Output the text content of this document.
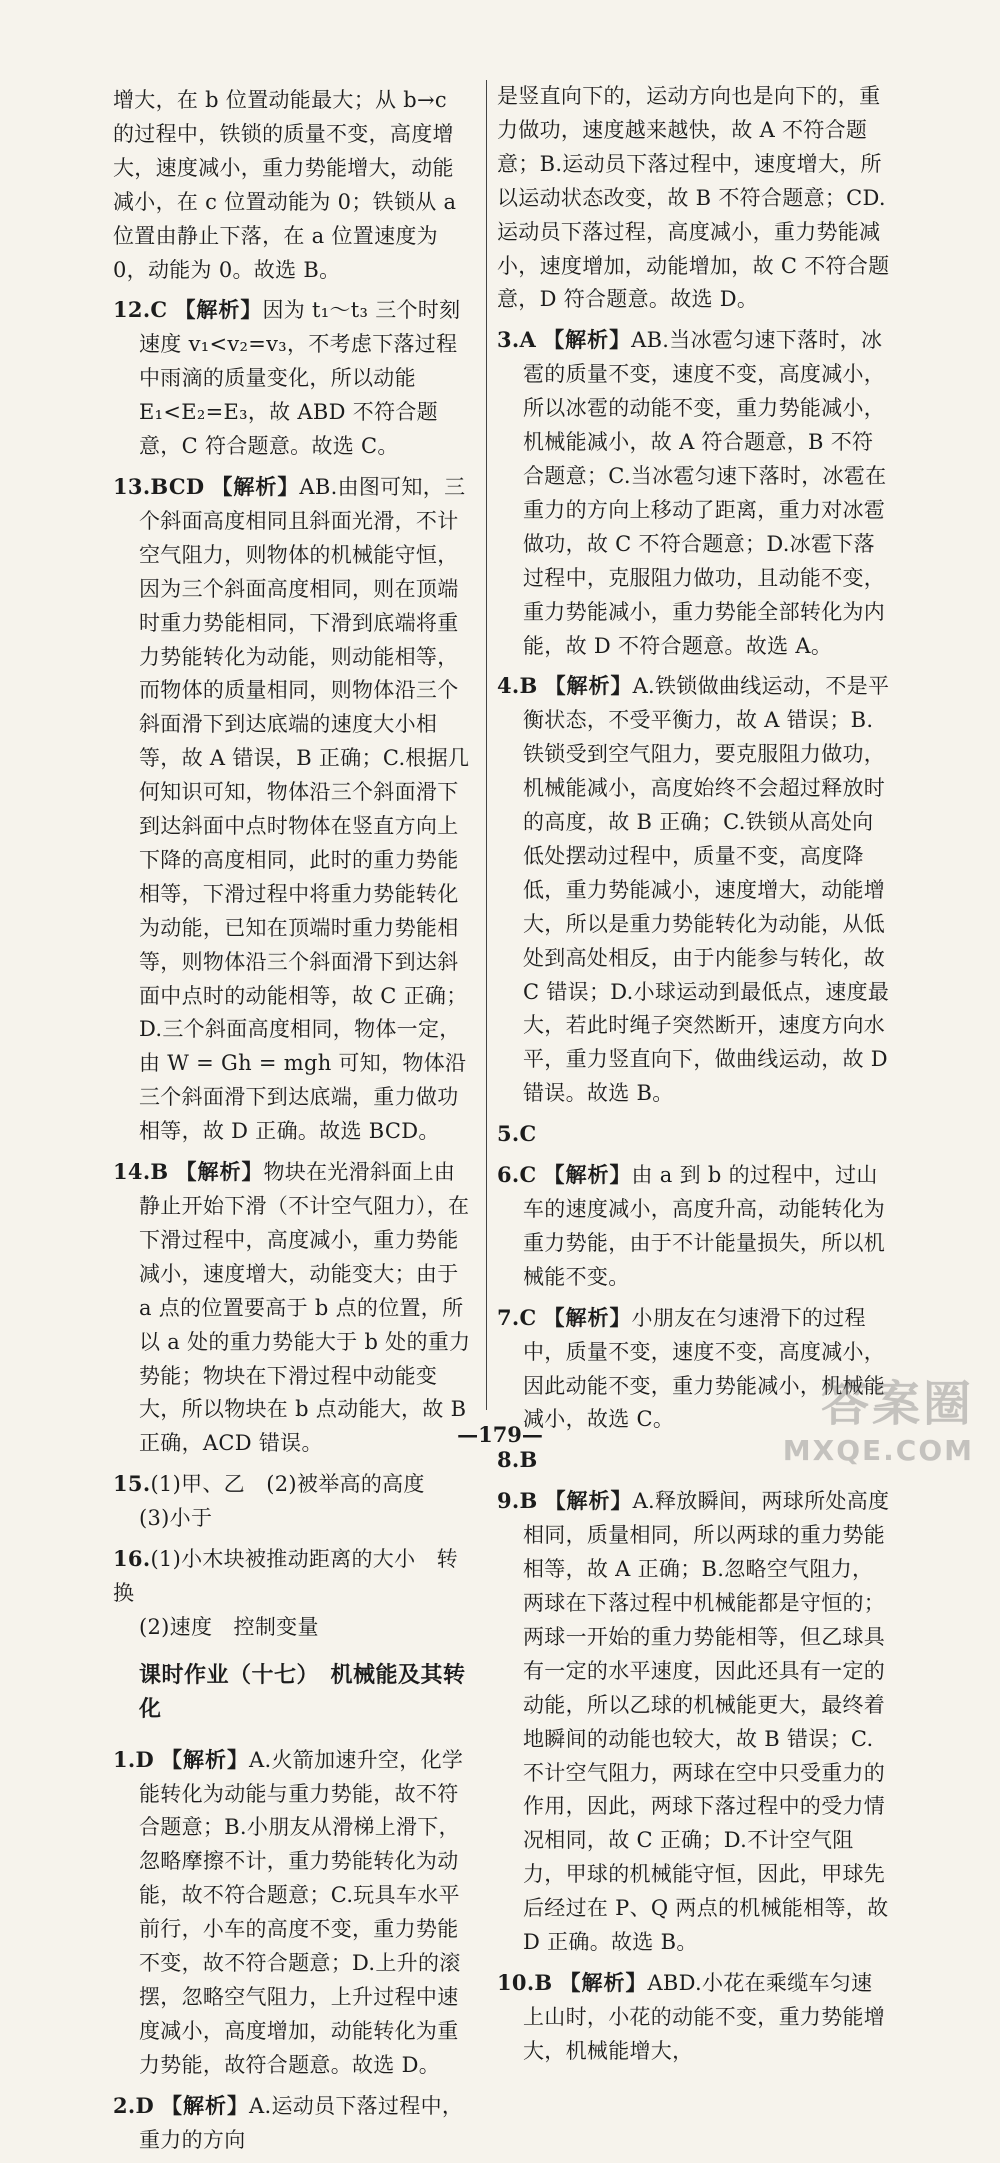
增大，在 b 位置动能最大；从 b→c 的过程中，铁锁的质量不变，高度增大，速度减小，重力势能增大，动能减小，在 c 位置动能为 0；铁锁从 a 位置由静止下落，在 a 位置速度为 0，动能为 0。故选 B。
12.C 【解析】因为 t₁～t₃ 三个时刻速度 v₁<v₂=v₃，不考虑下落过程中雨滴的质量变化，所以动能 E₁<E₂=E₃，故 ABD 不符合题意，C 符合题意。故选 C。
13.BCD 【解析】AB.由图可知，三个斜面高度相同且斜面光滑，不计空气阻力，则物体的机械能守恒，因为三个斜面高度相同，则在顶端时重力势能相同，下滑到底端将重力势能转化为动能，则动能相等，而物体的质量相同，则物体沿三个斜面滑下到达底端的速度大小相等，故 A 错误，B 正确；C.根据几何知识可知，物体沿三个斜面滑下到达斜面中点时物体在竖直方向上下降的高度相同，此时的重力势能相等，下滑过程中将重力势能转化为动能，已知在顶端时重力势能相等，则物体沿三个斜面滑下到达斜面中点时的动能相等，故 C 正确；D.三个斜面高度相同，物体一定，由 W = Gh = mgh 可知，物体沿三个斜面滑下到达底端，重力做功相等，故 D 正确。故选 BCD。
14.B 【解析】物块在光滑斜面上由静止开始下滑（不计空气阻力），在下滑过程中，高度减小，重力势能减小，速度增大，动能变大；由于 a 点的位置要高于 b 点的位置，所以 a 处的重力势能大于 b 处的重力势能；物块在下滑过程中动能变大，所以物块在 b 点动能大，故 B 正确，ACD 错误。
15.(1)甲、乙　(2)被举高的高度　(3)小于
16.(1)小木块被推动距离的大小　转换
(2)速度　控制变量
课时作业（十七）　机械能及其转化
1.D 【解析】A.火箭加速升空，化学能转化为动能与重力势能，故不符合题意；B.小朋友从滑梯上滑下，忽略摩擦不计，重力势能转化为动能，故不符合题意；C.玩具车水平前行，小车的高度不变，重力势能不变，故不符合题意；D.上升的滚摆，忽略空气阻力，上升过程中速度减小，高度增加，动能转化为重力势能，故符合题意。故选 D。
2.D 【解析】A.运动员下落过程中，重力的方向
是竖直向下的，运动方向也是向下的，重力做功，速度越来越快，故 A 不符合题意；B.运动员下落过程中，速度增大，所以运动状态改变，故 B 不符合题意；CD.运动员下落过程，高度减小，重力势能减小，速度增加，动能增加，故 C 不符合题意，D 符合题意。故选 D。
3.A 【解析】AB.当冰雹匀速下落时，冰雹的质量不变，速度不变，高度减小，所以冰雹的动能不变，重力势能减小，机械能减小，故 A 符合题意，B 不符合题意；C.当冰雹匀速下落时，冰雹在重力的方向上移动了距离，重力对冰雹做功，故 C 不符合题意；D.冰雹下落过程中，克服阻力做功，且动能不变，重力势能减小，重力势能全部转化为内能，故 D 不符合题意。故选 A。
4.B 【解析】A.铁锁做曲线运动，不是平衡状态，不受平衡力，故 A 错误；B.铁锁受到空气阻力，要克服阻力做功，机械能减小，高度始终不会超过释放时的高度，故 B 正确；C.铁锁从高处向低处摆动过程中，质量不变，高度降低，重力势能减小，速度增大，动能增大，所以是重力势能转化为动能，从低处到高处相反，由于内能参与转化，故 C 错误；D.小球运动到最低点，速度最大，若此时绳子突然断开，速度方向水平，重力竖直向下，做曲线运动，故 D 错误。故选 B。
5.C
6.C 【解析】由 a 到 b 的过程中，过山车的速度减小，高度升高，动能转化为重力势能，由于不计能量损失，所以机械能不变。
7.C 【解析】小朋友在匀速滑下的过程中，质量不变，速度不变，高度减小，因此动能不变，重力势能减小，机械能减小，故选 C。
8.B
9.B 【解析】A.释放瞬间，两球所处高度相同，质量相同，所以两球的重力势能相等，故 A 正确；B.忽略空气阻力，两球在下落过程中机械能都是守恒的；两球一开始的重力势能相等，但乙球具有一定的水平速度，因此还具有一定的动能，所以乙球的机械能更大，最终着地瞬间的动能也较大，故 B 错误；C.不计空气阻力，两球在空中只受重力的作用，因此，两球下落过程中的受力情况相同，故 C 正确；D.不计空气阻力，甲球的机械能守恒，因此，甲球先后经过在 P、Q 两点的机械能相等，故 D 正确。故选 B。
10.B 【解析】ABD.小花在乘缆车匀速上山时，小花的动能不变，重力势能增大，机械能增大，
—179—
答案圈
MXQE.COM
